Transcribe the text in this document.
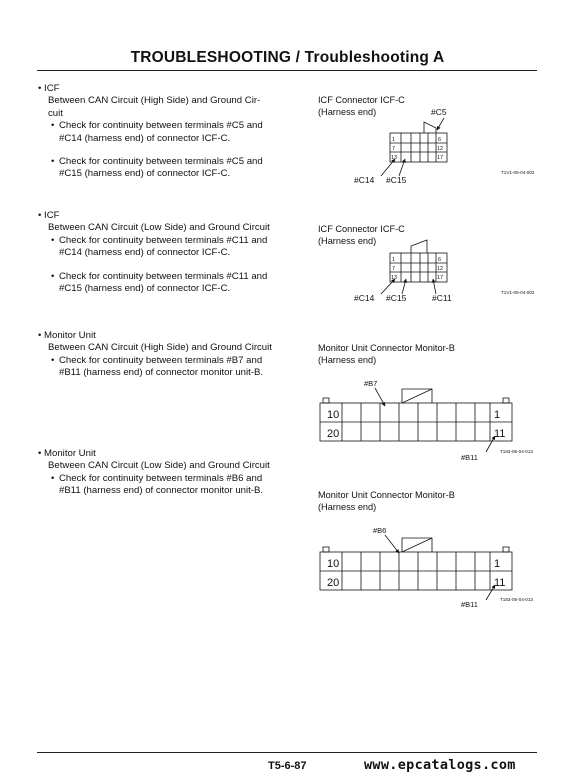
TROUBLESHOOTING / Troubleshooting A
• ICF
Between CAN Circuit (High Side) and Ground Cir-
cuit
• Check for continuity between terminals #C5 and
#C14 (harness end) of connector ICF-C.
• Check for continuity between terminals #C5 and
#C15 (harness end) of connector ICF-C.
• ICF
Between CAN Circuit (Low Side) and Ground Circuit
• Check for continuity between terminals #C11 and
#C14 (harness end) of connector ICF-C.
• Check for continuity between terminals #C11 and
#C15 (harness end) of connector ICF-C.
• Monitor Unit
Between CAN Circuit (High Side) and Ground Circuit
• Check for continuity between terminals #B7 and
#B11 (harness end) of connector monitor unit-B.
• Monitor Unit
Between CAN Circuit (Low Side) and Ground Circuit
• Check for continuity between terminals #B6 and
#B11 (harness end) of connector monitor unit-B.
ICF Connector ICF-C
(Harness end)
ICF Connector ICF-C
(Harness end)
Monitor Unit Connector Monitor-B
(Harness end)
Monitor Unit Connector Monitor-B
(Harness end)
1	6
7	12
13	17
#C5
#C14 #C15
T1V1-05-04-002
1	6
7	12
13	17
#C14 #C15	#C11
T1V1-05-04-002
10	1
20	11
#B7
#B11
T183-05-04-013
10	1
20	11
#B6
#B11
T183-05-04-013
T5-6-87	www.epcatalogs.com
